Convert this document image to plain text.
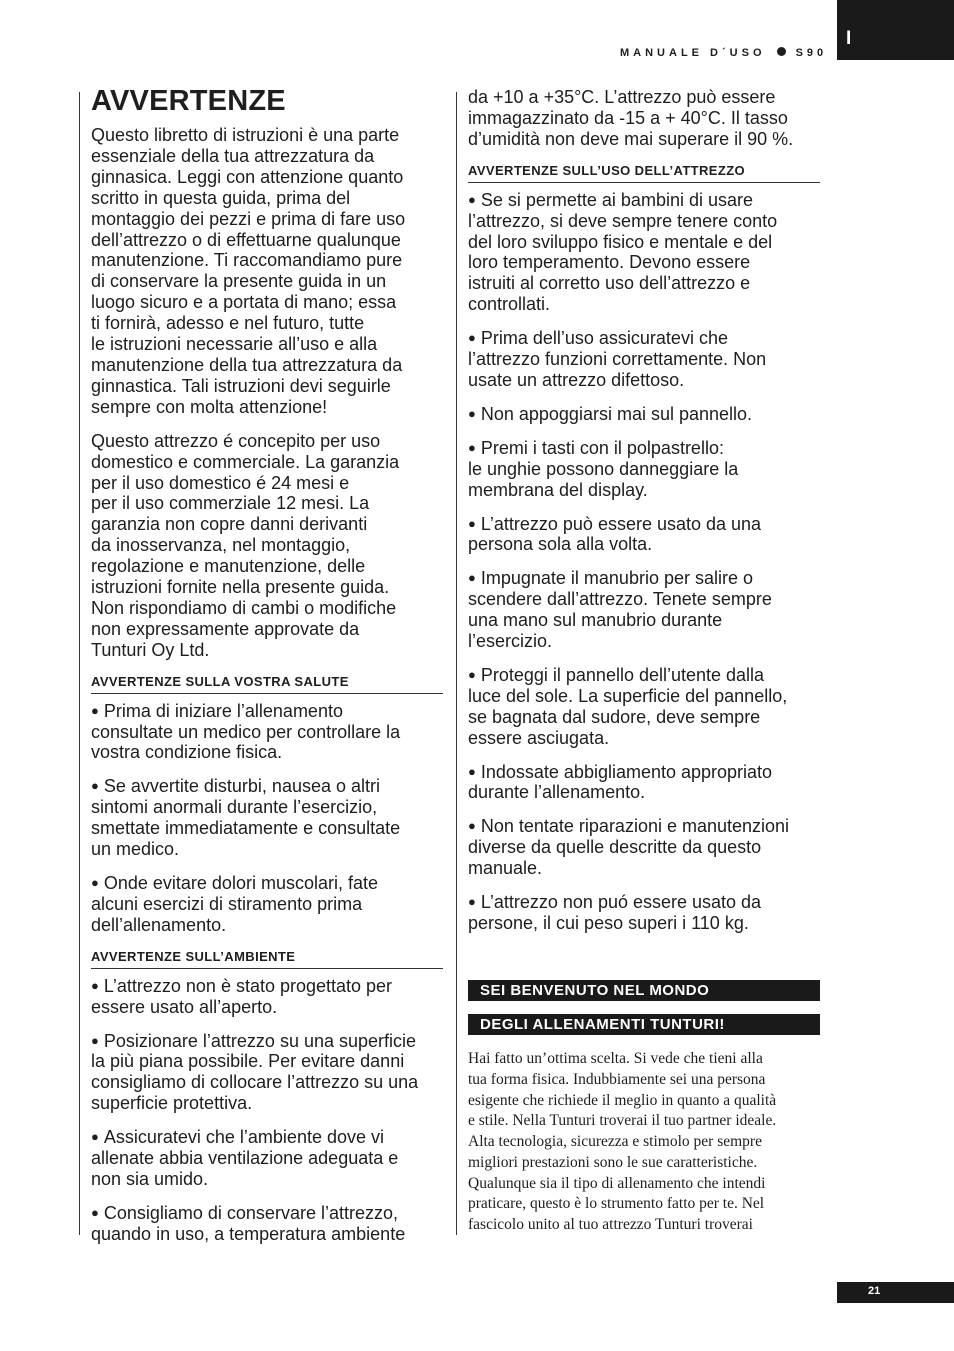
I
MANUALE D´USO	S90
AVVERTENZE

Questo libretto di istruzioni è una parte
essenziale della tua attrezzatura da
ginnasica. Leggi con attenzione quanto
scritto in questa guida, prima del
montaggio dei pezzi e prima di fare uso
dell’attrezzo o di effettuarne qualunque
manutenzione. Ti raccomandiamo pure
di conservare la presente guida in un
luogo sicuro e a portata di mano; essa
ti fornirà, adesso e nel futuro, tutte
le istruzioni necessarie all’uso e alla
manutenzione della tua attrezzatura da
ginnastica. Tali istruzioni devi seguirle
sempre con molta attenzione!

Questo attrezzo é concepito per uso
domestico e commerciale. La garanzia
per il uso domestico é 24 mesi e
per il uso commerziale 12 mesi. La
garanzia non copre danni derivanti
da inosservanza, nel montaggio,
regolazione e manutenzione, delle
istruzioni fornite nella presente guida.
Non rispondiamo di cambi o modifiche
non expressamente approvate da
Tunturi Oy Ltd.

AVVERTENZE SULLA VOSTRA SALUTE

● Prima di iniziare l’allenamento
consultate un medico per controllare la
vostra condizione fisica.

● Se avvertite disturbi, nausea o altri
sintomi anormali durante l’esercizio,
smettate immediatamente e consultate
un medico.

● Onde evitare dolori muscolari, fate
alcuni esercizi di stiramento prima
dell’allenamento.

AVVERTENZE SULL’AMBIENTE

● L’attrezzo non è stato progettato per
essere usato all’aperto.

● Posizionare l’attrezzo su una superficie
la più piana possibile. Per evitare danni
consigliamo di collocare l’attrezzo su una
superficie protettiva.

● Assicuratevi che l’ambiente dove vi
allenate abbia ventilazione adeguata e
non sia umido.

● Consigliamo di conservare l’attrezzo,
quando in uso, a temperatura ambiente

da +10 a +35°C. L’attrezzo può essere
immagazzinato da -15 a + 40°C. Il tasso
d’umidità non deve mai superare il 90 %.

AVVERTENZE SULL’USO DELL’ATTREZZO

● Se si permette ai bambini di usare
l’attrezzo, si deve sempre tenere conto
del loro sviluppo fisico e mentale e del
loro temperamento. Devono essere
istruiti al corretto uso dell’attrezzo e
controllati.

● Prima dell’uso assicuratevi che
l’attrezzo funzioni correttamente. Non
usate un attrezzo difettoso.

● Non appoggiarsi mai sul pannello.

● Premi i tasti con il polpastrello:
le unghie possono danneggiare la
membrana del display.

● L’attrezzo può essere usato da una
persona sola alla volta.

● Impugnate il manubrio per salire o
scendere dall’attrezzo. Tenete sempre
una mano sul manubrio durante
l’esercizio.

● Proteggi il pannello dell’utente dalla
luce del sole. La superficie del pannello,
se bagnata dal sudore, deve sempre
essere asciugata.

● Indossate abbigliamento appropriato
durante l’allenamento.

● Non tentate riparazioni e manutenzioni
diverse da quelle descritte da questo
manuale.

● L’attrezzo non puó essere usato da
persone, il cui peso superi i 110 kg.

SEI BENVENUTO NEL MONDO
DEGLI ALLENAMENTI TUNTURI!

Hai fatto un’ottima scelta. Si vede che tieni alla
tua forma fisica. Indubbiamente sei una persona
esigente che richiede il meglio in quanto a qualità
e stile. Nella Tunturi troverai il tuo partner ideale.
Alta tecnologia, sicurezza e stimolo per sempre
migliori prestazioni sono le sue caratteristiche.
Qualunque sia il tipo di allenamento che intendi
praticare, questo è lo strumento fatto per te. Nel
fascicolo unito al tuo attrezzo Tunturi troverai

21
